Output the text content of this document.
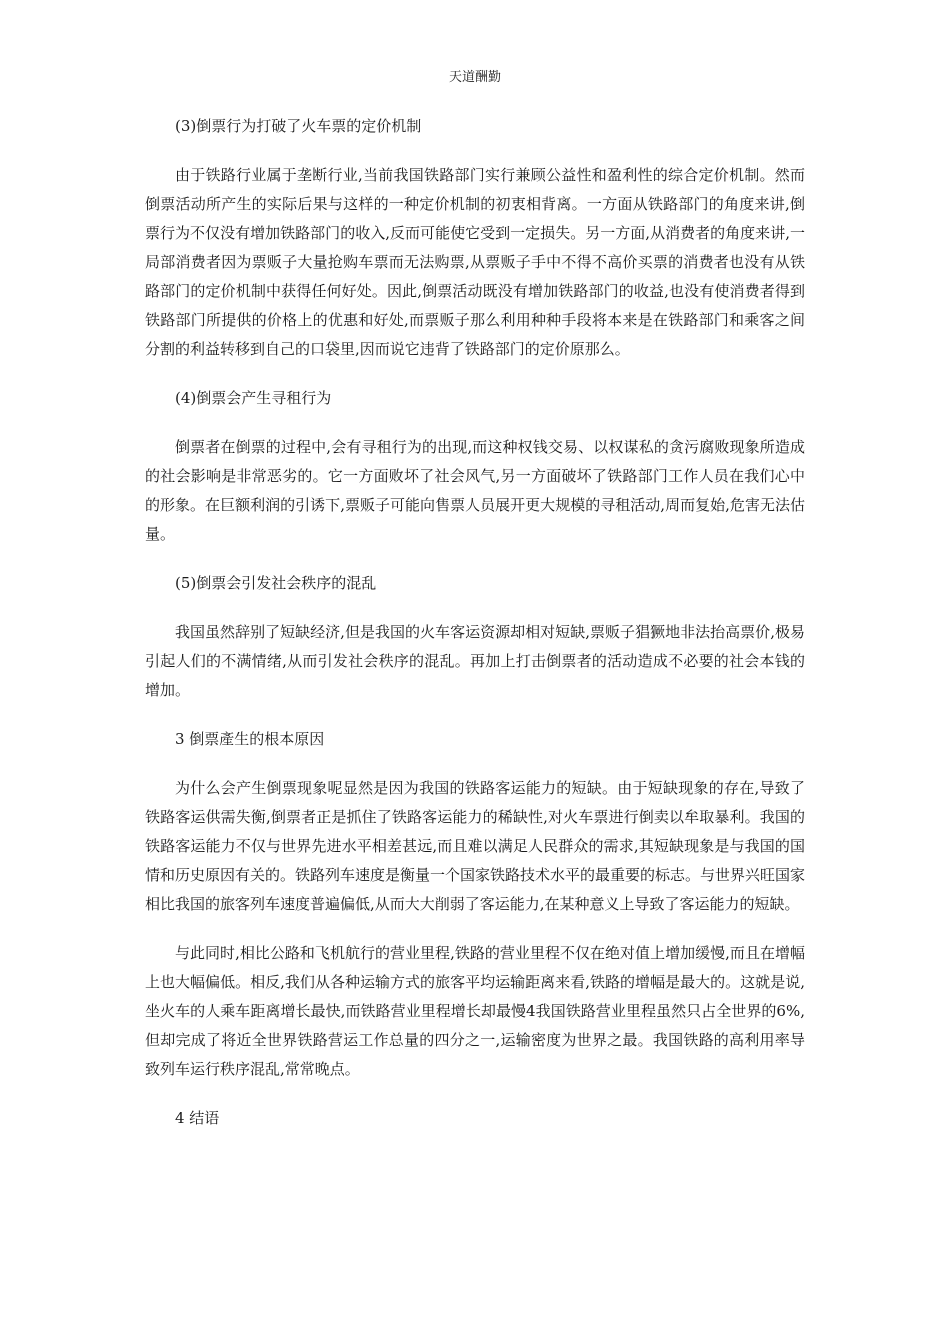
天道酬勤
(3)倒票行为打破了火车票的定价机制
由于铁路行业属于垄断行业,当前我国铁路部门实行兼顾公益性和盈利性的综合定价机制。然而倒票活动所产生的实际后果与这样的一种定价机制的初衷相背离。一方面从铁路部门的角度来讲,倒票行为不仅没有增加铁路部门的收入,反而可能使它受到一定损失。另一方面,从消费者的角度来讲,一局部消费者因为票贩子大量抢购车票而无法购票,从票贩子手中不得不高价买票的消费者也没有从铁路部门的定价机制中获得任何好处。因此,倒票活动既没有增加铁路部门的收益,也没有使消费者得到铁路部门所提供的价格上的优惠和好处,而票贩子那么利用种种手段将本来是在铁路部门和乘客之间分割的利益转移到自己的口袋里,因而说它违背了铁路部门的定价原那么。
(4)倒票会产生寻租行为
倒票者在倒票的过程中,会有寻租行为的出现,而这种权钱交易、以权谋私的贪污腐败现象所造成的社会影响是非常恶劣的。它一方面败坏了社会风气,另一方面破坏了铁路部门工作人员在我们心中的形象。在巨额利润的引诱下,票贩子可能向售票人员展开更大规模的寻租活动,周而复始,危害无法估量。
(5)倒票会引发社会秩序的混乱
我国虽然辞别了短缺经济,但是我国的火车客运资源却相对短缺,票贩子猖獗地非法抬高票价,极易引起人们的不满情绪,从而引发社会秩序的混乱。再加上打击倒票者的活动造成不必要的社会本钱的增加。
3 倒票產生的根本原因
为什么会产生倒票现象呢显然是因为我国的铁路客运能力的短缺。由于短缺现象的存在,导致了铁路客运供需失衡,倒票者正是抓住了铁路客运能力的稀缺性,对火车票进行倒卖以牟取暴利。我国的铁路客运能力不仅与世界先进水平相差甚远,而且难以满足人民群众的需求,其短缺现象是与我国的国情和历史原因有关的。铁路列车速度是衡量一个国家铁路技术水平的最重要的标志。与世界兴旺国家相比我国的旅客列车速度普遍偏低,从而大大削弱了客运能力,在某种意义上导致了客运能力的短缺。
与此同时,相比公路和飞机航行的营业里程,铁路的营业里程不仅在绝对值上增加缓慢,而且在增幅上也大幅偏低。相反,我们从各种运输方式的旅客平均运输距离来看,铁路的增幅是最大的。这就是说,坐火车的人乘车距离增长最快,而铁路营业里程增长却最慢4我国铁路营业里程虽然只占全世界的6%,但却完成了将近全世界铁路营运工作总量的四分之一,运输密度为世界之最。我国铁路的高利用率导致列车运行秩序混乱,常常晚点。
4 结语
